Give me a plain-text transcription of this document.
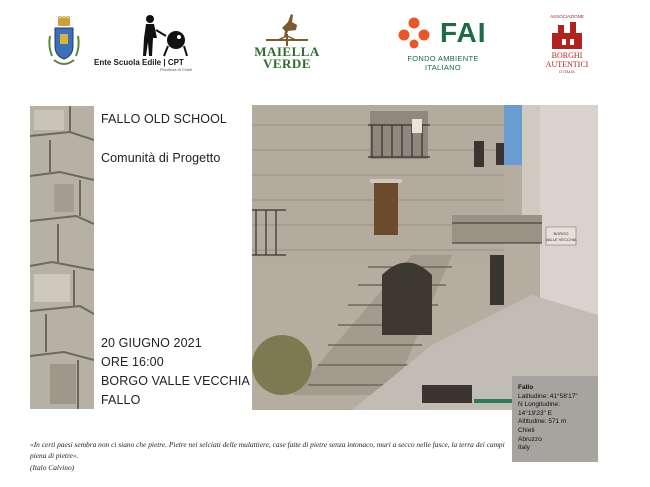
Ente Scuola Edile | CPT
Provincia di Chieti
MAIELLA
VERDE
FAI
FONDO AMBIENTE
ITALIANO
ASSOCIAZIONE
BORGHI
AUTENTICI
D'ITALIA
BORGO
VALLE VECCHIA
FALLO OLD SCHOOL
Comunità di Progetto
20 GIUGNO 2021
ORE 16:00
BORGO VALLE VECCHIA
FALLO
Fallo
Latitudine: 41°58'17"
N Longitudine:
14°19'23" E
Altitudine: 571 m
Chieti
Abruzzo
Italy
«In certi paesi sembra non ci siano che pietre. Pietre nei selciati delle mulattiere, case fatte di pietre senza intonaco, muri a secco nelle fasce, la terra dei campi piena di pietre».
(Italo Calvino)
